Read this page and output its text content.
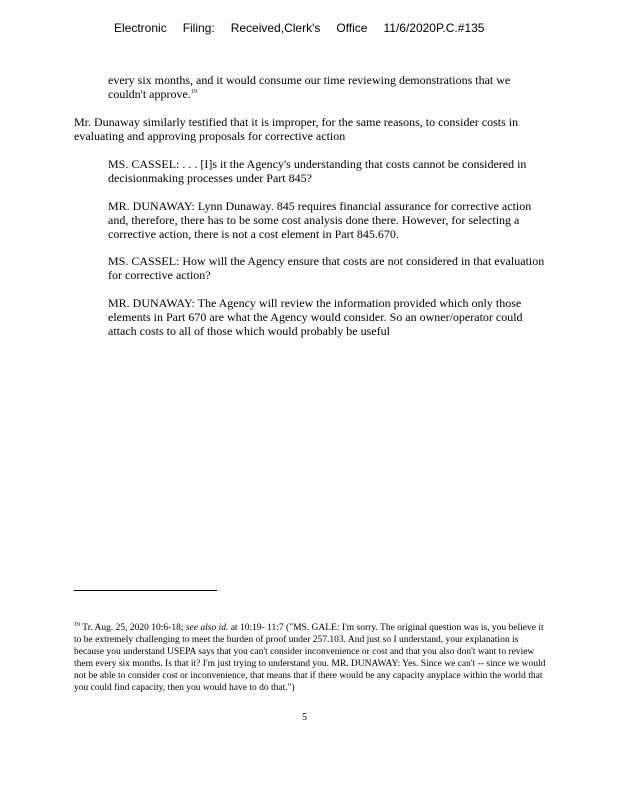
Electronic Filing: Received,Clerk's Office 11/6/2020P.C.#135

every six months, and it would consume our time reviewing demonstrations that we couldn't approve.$^{19}$

Mr. Dunaway similarly testified that it is improper, for the same reasons, to consider costs in evaluating and approving proposals for corrective action

MS. CASSEL: . . . [I]s it the Agency's understanding that costs cannot be considered in decisionmaking processes under Part 845?

MR. DUNAWAY: Lynn Dunaway. 845 requires financial assurance for corrective action and, therefore, there has to be some cost analysis done there. However, for selecting a corrective action, there is not a cost element in Part 845.670.

MS. CASSEL: How will the Agency ensure that costs are not considered in that evaluation for corrective action?

MR. DUNAWAY: The Agency will review the information provided which only those elements in Part 670 are what the Agency would consider. So an owner/operator could attach costs to all of those which would probably be useful

$^{19}$ Tr. Aug. 25, 2020 10:6-18; see also id. at 10:19- 11:7 ("MS. GALE: I'm sorry. The original question was is, you believe it to be extremely challenging to meet the burden of proof under 257.103. And just so I understand, your explanation is because you understand USEPA says that you can't consider inconvenience or cost and that you also don't want to review them every six months. Is that it? I'm just trying to understand you. MR. DUNAWAY: Yes. Since we can't -- since we would not be able to consider cost or inconvenience, that means that if there would be any capacity anyplace within the world that you could find capacity, then you would have to do that.")

5
